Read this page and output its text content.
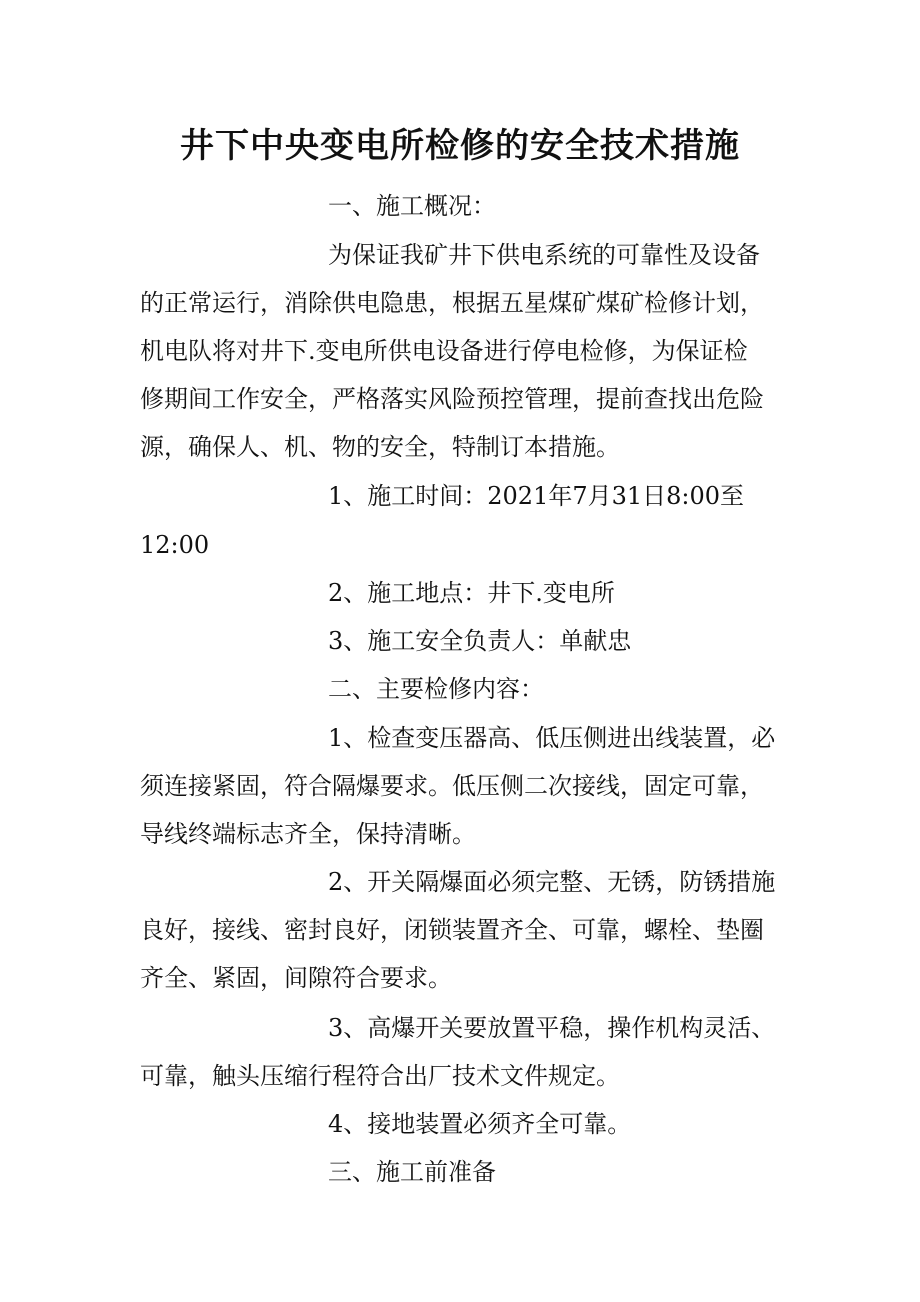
井下中央变电所检修的安全技术措施
一、施工概况：
为保证我矿井下供电系统的可靠性及设备
的正常运行，消除供电隐患，根据五星煤矿煤矿检修计划，
机电队将对井下.变电所供电设备进行停电检修，为保证检
修期间工作安全，严格落实风险预控管理，提前查找出危险
源，确保人、机、物的安全，特制订本措施。
1、施工时间：2021年7月31日8:00至
12:00
2、施工地点：井下.变电所
3、施工安全负责人：单献忠
二、主要检修内容：
1、检查变压器高、低压侧进出线装置，必
须连接紧固，符合隔爆要求。低压侧二次接线，固定可靠，
导线终端标志齐全，保持清晰。
2、开关隔爆面必须完整、无锈，防锈措施
良好，接线、密封良好，闭锁装置齐全、可靠，螺栓、垫圈
齐全、紧固，间隙符合要求。
3、高爆开关要放置平稳，操作机构灵活、
可靠，触头压缩行程符合出厂技术文件规定。
4、接地装置必须齐全可靠。
三、施工前准备
